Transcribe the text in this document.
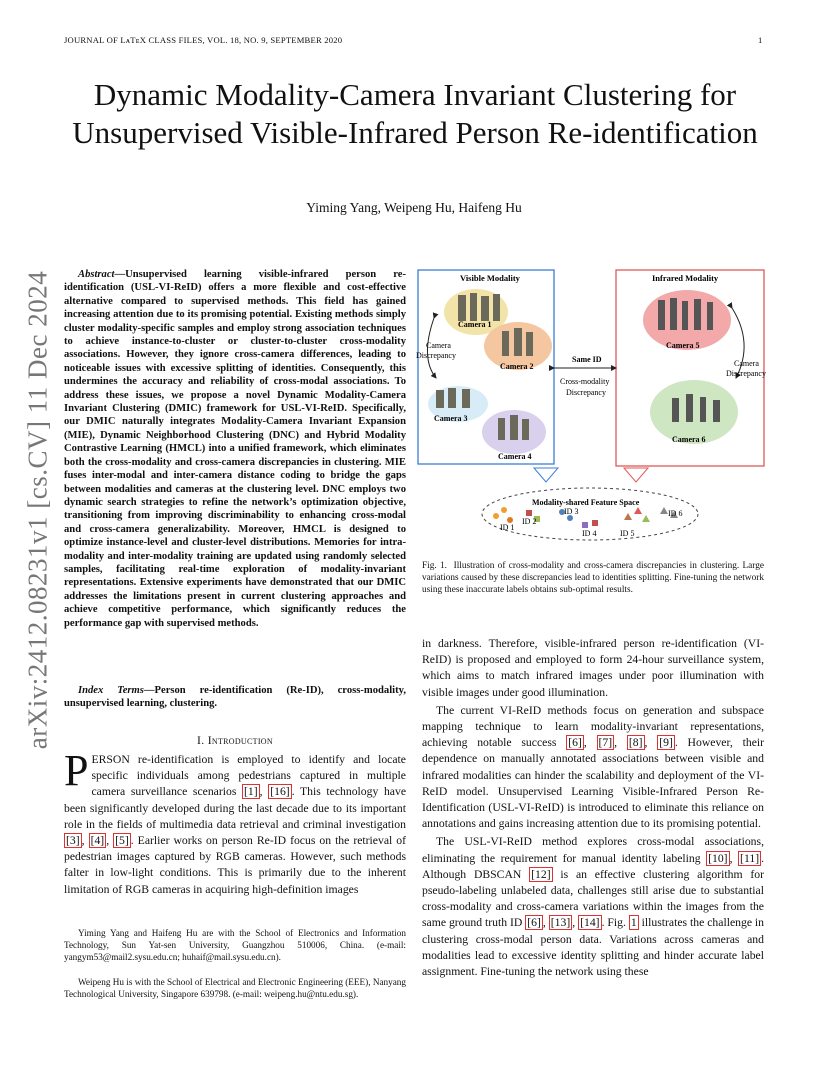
JOURNAL OF LᴀTᴇX CLASS FILES, VOL. 18, NO. 9, SEPTEMBER 2020	1
Dynamic Modality-Camera Invariant Clustering for Unsupervised Visible-Infrared Person Re-identification
Yiming Yang, Weipeng Hu, Haifeng Hu
arXiv:2412.08231v1 [cs.CV] 11 Dec 2024	Abstract—Unsupervised learning visible-infrared person re-identification (USL-VI-ReID) offers a more flexible and cost-effective alternative compared to supervised methods. This field has gained increasing attention due to its promising potential. Existing methods simply cluster modality-specific samples and employ strong association techniques to achieve instance-to-cluster or cluster-to-cluster cross-modality associations. However, they ignore cross-camera differences, leading to noticeable issues with excessive splitting of identities. Consequently, this undermines the accuracy and reliability of cross-modal associations. To address these issues, we propose a novel Dynamic Modality-Camera Invariant Clustering (DMIC) framework for USL-VI-ReID. Specifically, our DMIC naturally integrates Modality-Camera Invariant Expansion (MIE), Dynamic Neighborhood Clustering (DNC) and Hybrid Modality Contrastive Learning (HMCL) into a unified framework, which eliminates both the cross-modality and cross-camera discrepancies in clustering. MIE fuses inter-modal and inter-camera distance coding to bridge the gaps between modalities and cameras at the clustering level. DNC employs two dynamic search strategies to refine the network’s optimization objective, transitioning from improving discriminability to enhancing cross-modal and cross-camera generalizability. Moreover, HMCL is designed to optimize instance-level and cluster-level distributions. Memories for intra-modality and inter-modality training are updated using randomly selected samples, facilitating real-time exploration of modality-invariant representations. Extensive experiments have demonstrated that our DMIC addresses the limitations present in current clustering approaches and achieve competitive performance, which significantly reduces the performance gap with supervised methods.
Index Terms—Person re-identification (Re-ID), cross-modality, unsupervised learning, clustering.
I. Introduction
PERSON re-identification is employed to identify and locate specific individuals among pedestrians captured in multiple camera surveillance scenarios [1] , [16] . This technology have been significantly developed during the last decade due to its important role in the fields of multimedia data retrieval and criminal investigation [3] , [4] , [5] . Earlier works on person Re-ID focus on the retrieval of pedestrian images captured by RGB cameras. However, such methods falter in low-light conditions. This is primarily due to the inherent limitation of RGB cameras in acquiring high-definition images
Yiming Yang and Haifeng Hu are with the School of Electronics and Information Technology, Sun Yat-sen University, Guangzhou 510006, China. (e-mail: yangym53@mail2.sysu.edu.cn; huhaif@mail.sysu.edu.cn).
Weipeng Hu is with the School of Electrical and Electronic Engineering (EEE), Nanyang Technological University, Singapore 639798. (e-mail: weipeng.hu@ntu.edu.sg).
Visible Modality	Infrared Modality
Camera 1
Camera 2
Camera 3
Camera 4
Camera 5
Camera 6
Camera
Discrepancy
Camera
Discrepancy
Same ID
Cross-modality
Discrepancy
Modality-shared Feature Space
ID 1
ID 2
ID 3
ID 4	ID 5
ID 6
Fig. 1. Illustration of cross-modality and cross-camera discrepancies in clustering. Large variations caused by these discrepancies lead to identities splitting. Fine-tuning the network using these inaccurate labels obtains sub-optimal results.

in darkness. Therefore, visible-infrared person re-identification (VI-ReID) is proposed and employed to form 24-hour surveillance system, which aims to match infrared images under poor illumination with visible images under good illumination.

The current VI-ReID methods focus on generation and subspace mapping technique to learn modality-invariant representations, achieving notable success [6] , [7] , [8] , [9] . However, their dependence on manually annotated associations between visible and infrared modalities can hinder the scalability and deployment of the VI-ReID model. Unsupervised Learning Visible-Infrared Person Re-Identification (USL-VI-ReID) is introduced to eliminate this reliance on annotations and gains increasing attention due to its promising potential.

The USL-VI-ReID method explores cross-modal associations, eliminating the requirement for manual identity labeling [10] , [11] . Although DBSCAN [12] is an effective clustering algorithm for pseudo-labeling unlabeled data, challenges still arise due to substantial cross-modality and cross-camera variations within the images from the same ground truth ID [6] , [13] , [14] . Fig. 1 illustrates the challenge in clustering cross-modal person data. Variations across cameras and modalities lead to excessive identity splitting and hinder accurate label assignment. Fine-tuning the network using these
